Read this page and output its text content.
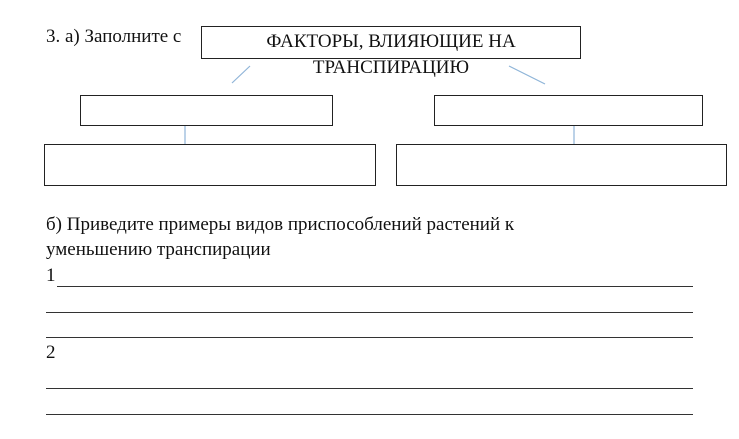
3. а) Заполните с	ФАКТОРЫ, ВЛИЯЮЩИЕ НА
ТРАНСПИРАЦИЮ
б) Приведите примеры видов приспособлений растений к
уменьшению транспирации
1
2
